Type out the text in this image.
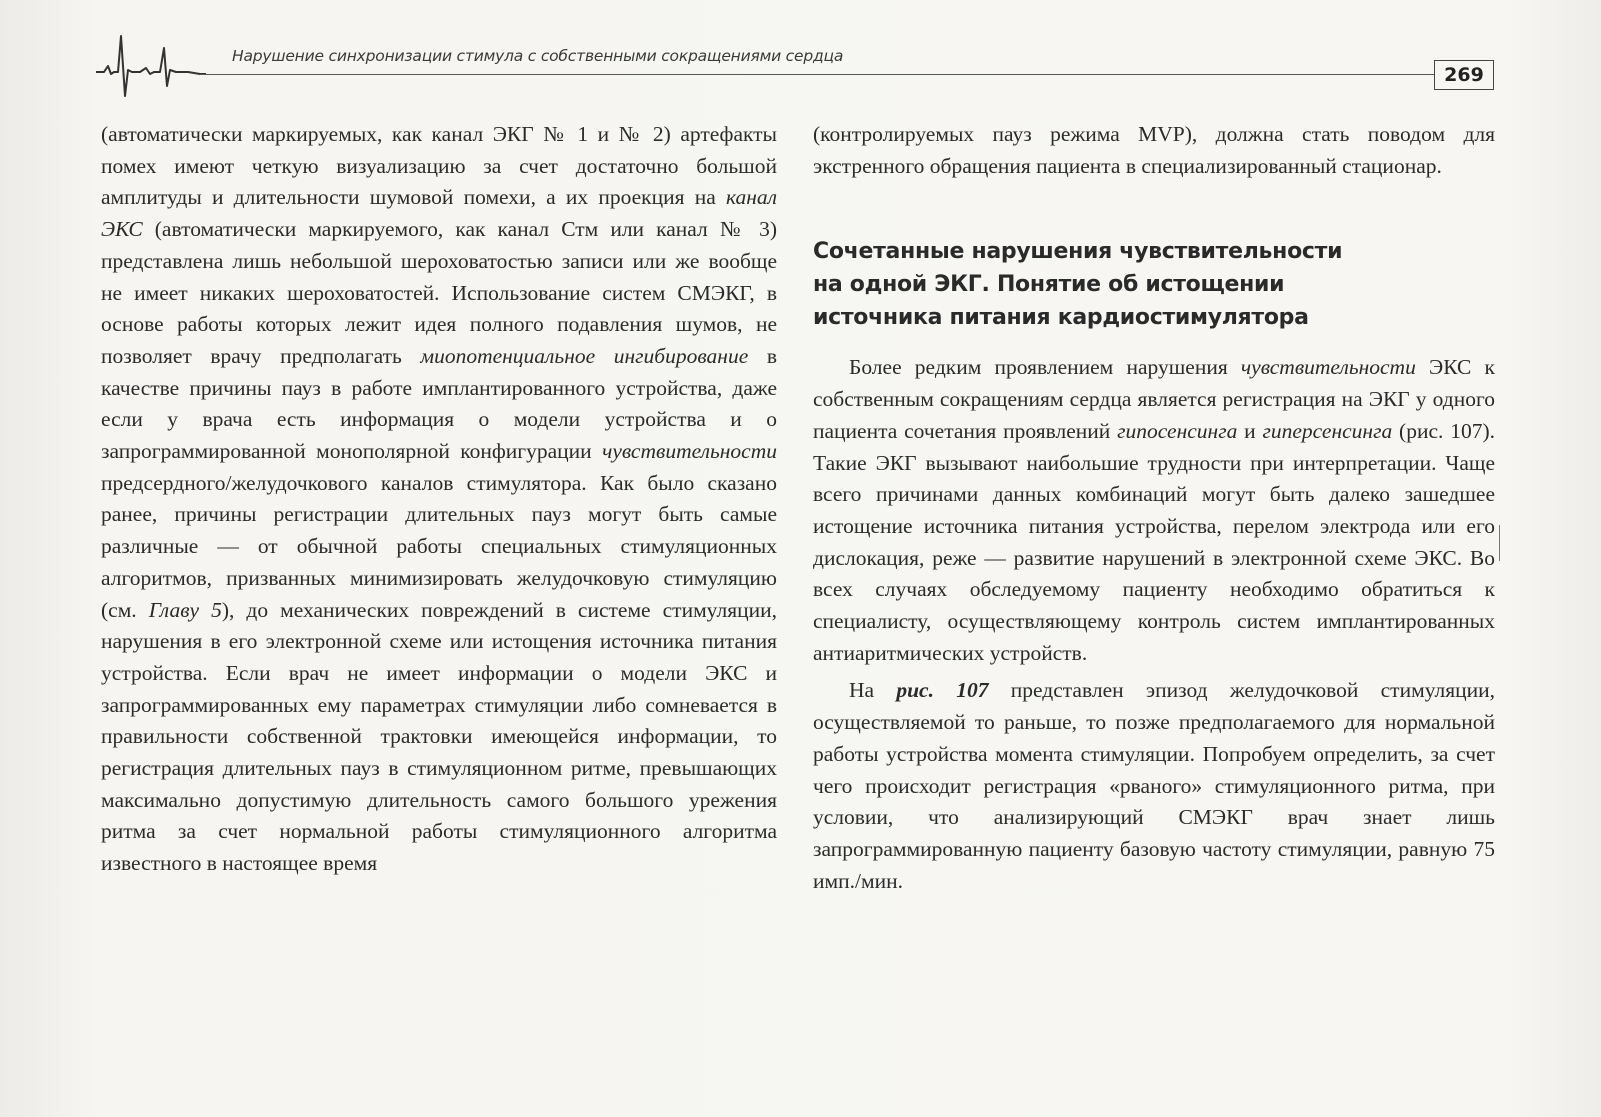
Нарушение синхронизации стимула с собственными сокращениями сердца
269

(автоматически маркируемых, как канал ЭКГ № 1 и № 2) артефакты помех имеют четкую визуализацию за счет достаточно большой амплитуды и длительности шумовой помехи, а их проекция на канал ЭКС (автоматически маркируемого, как канал Стм или канал № 3) представлена лишь небольшой шероховатостью записи или же вообще не имеет никаких шероховатостей. Использование систем СМЭКГ, в основе работы которых лежит идея полного подавления шумов, не позволяет врачу предполагать миопотенциальное ингибирование в качестве причины пауз в работе имплантированного устройства, даже если у врача есть информация о модели устройства и о запрограммированной монополярной конфигурации чувствительности предсердного/желудочкового каналов стимулятора. Как было сказано ранее, причины регистрации длительных пауз могут быть самые различные — от обычной работы специальных стимуляционных алгоритмов, призванных минимизировать желудочковую стимуляцию (см. Главу 5), до механических повреждений в системе стимуляции, нарушения в его электронной схеме или истощения источника питания устройства. Если врач не имеет информации о модели ЭКС и запрограммированных ему параметрах стимуляции либо сомневается в правильности собственной трактовки имеющейся информации, то регистрация длительных пауз в стимуляционном ритме, превышающих максимально допустимую длительность самого большого урежения ритма за счет нормальной работы стимуляционного алгоритма известного в настоящее время

(контролируемых пауз режима MVP), должна стать поводом для экстренного обращения пациента в специализированный стационар.

Сочетанные нарушения чувствительности
на одной ЭКГ. Понятие об истощении
источника питания кардиостимулятора

Более редким проявлением нарушения чувствительности ЭКС к собственным сокращениям сердца является регистрация на ЭКГ у одного пациента сочетания проявлений гипосенсинга и гиперсенсинга (рис. 107). Такие ЭКГ вызывают наибольшие трудности при интерпретации. Чаще всего причинами данных комбинаций могут быть далеко зашедшее истощение источника питания устройства, перелом электрода или его дислокация, реже — развитие нарушений в электронной схеме ЭКС. Во всех случаях обследуемому пациенту необходимо обратиться к специалисту, осуществляющему контроль систем имплантированных антиаритмических устройств.

На рис. 107 представлен эпизод желудочковой стимуляции, осуществляемой то раньше, то позже предполагаемого для нормальной работы устройства момента стимуляции. Попробуем определить, за счет чего происходит регистрация «рваного» стимуляционного ритма, при условии, что анализирующий СМЭКГ врач знает лишь запрограммированную пациенту базовую частоту стимуляции, равную 75 имп./мин.
